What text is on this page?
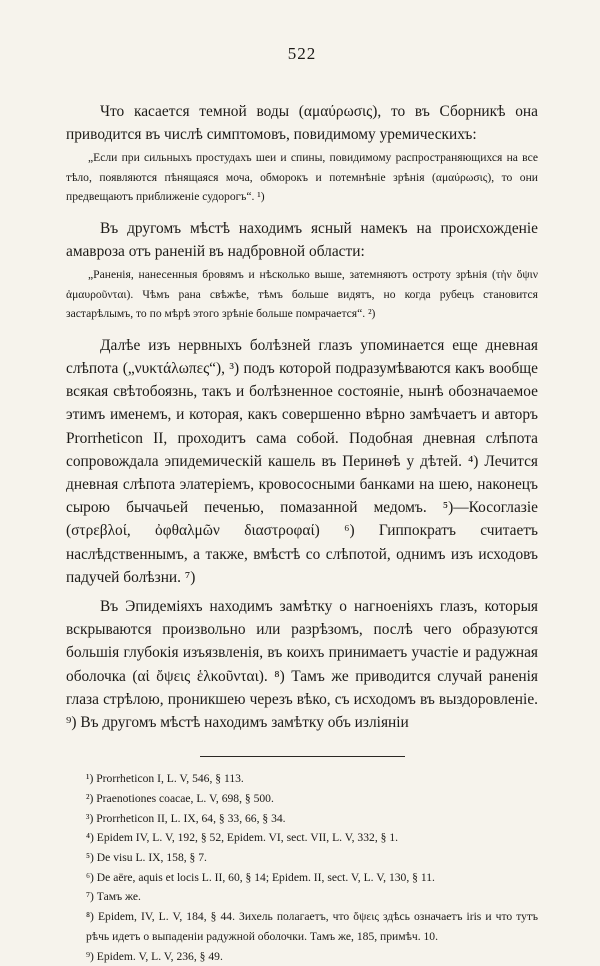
522

Что касается темной воды (αμαύρωσις), то въ Сборникѣ она приводится въ числѣ симптомовъ, повидимому уремическихъ:

„Если при сильныхъ простудахъ шеи и спины, повидимому распространяющихся на все тѣло, появляются пѣнящаяся моча, обморокъ и потемнѣніе зрѣнія (αμαύρωσις), то они предвещаютъ приближеніе судорогъ“. ¹)

Въ другомъ мѣстѣ находимъ ясный намекъ на происхожденіе амавроза отъ раненій въ надбровной области:

„Раненія, нанесенныя бровямъ и нѣсколько выше, затемняютъ остроту зрѣнія (τὴν ὄψιν ἀμαυροῦνται). Чѣмъ рана свѣжѣе, тѣмъ больше видятъ, но когда рубецъ становится застарѣлымъ, то по мѣрѣ этого зрѣніе больше помрачается“. ²)

Далѣе изъ нервныхъ болѣзней глазъ упоминается еще дневная слѣпота („νυκτάλωπες“), ³) подъ которой подразумѣваются какъ вообще всякая свѣтобоязнь, такъ и болѣзненное состояніе, нынѣ обозначаемое этимъ именемъ, и которая, какъ совершенно вѣрно замѣчаетъ и авторъ Prorrheticon II, проходитъ сама собой. Подобная дневная слѣпота сопровождала эпидемическій кашель въ Перинѳѣ у дѣтей. ⁴) Лечится дневная слѣпота элатеріемъ, кровососными банками на шею, наконецъ сырою бычачьей печенью, помазанной медомъ. ⁵)—Косоглазіе (στρεβλοί, ὀφθαλμῶν διαστροφαί) ⁶) Гиппократъ считаетъ наслѣдственнымъ, а также, вмѣстѣ со слѣпотой, однимъ изъ исходовъ падучей болѣзни. ⁷)

Въ Эпидеміяхъ находимъ замѣтку о нагноеніяхъ глазъ, которыя вскрываются произвольно или разрѣзомъ, послѣ чего образуются большія глубокія изъязвленія, въ коихъ принимаетъ участіе и радужная оболочка (αἱ ὄψεις ἑλκοῦνται). ⁸) Тамъ же приводится случай раненія глаза стрѣлою, проникшею черезъ вѣко, съ исходомъ въ выздоровленіе. ⁹) Въ другомъ мѣстѣ находимъ замѣтку объ изліяніи

¹) Prorrheticon I, L. V, 546, § 113.

²) Praenotiones coacae, L. V, 698, § 500.

³) Prorrheticon II, L. IX, 64, § 33, 66, § 34.

⁴) Epidem IV, L. V, 192, § 52, Epidem. VI, sect. VII, L. V, 332, § 1.

⁵) De visu L. IX, 158, § 7.

⁶) De aëre, aquis et locis L. II, 60, § 14; Epidem. II, sect. V, L. V, 130, § 11.

⁷) Тамъ же.

⁸) Epidem, IV, L. V, 184, § 44. Зихель полагаетъ, что ὄψεις здѣсь означаетъ iris и что тутъ рѣчь идетъ о выпаденіи радужной оболочки. Тамъ же, 185, примѣч. 10.

⁹) Epidem. V, L. V, 236, § 49.
